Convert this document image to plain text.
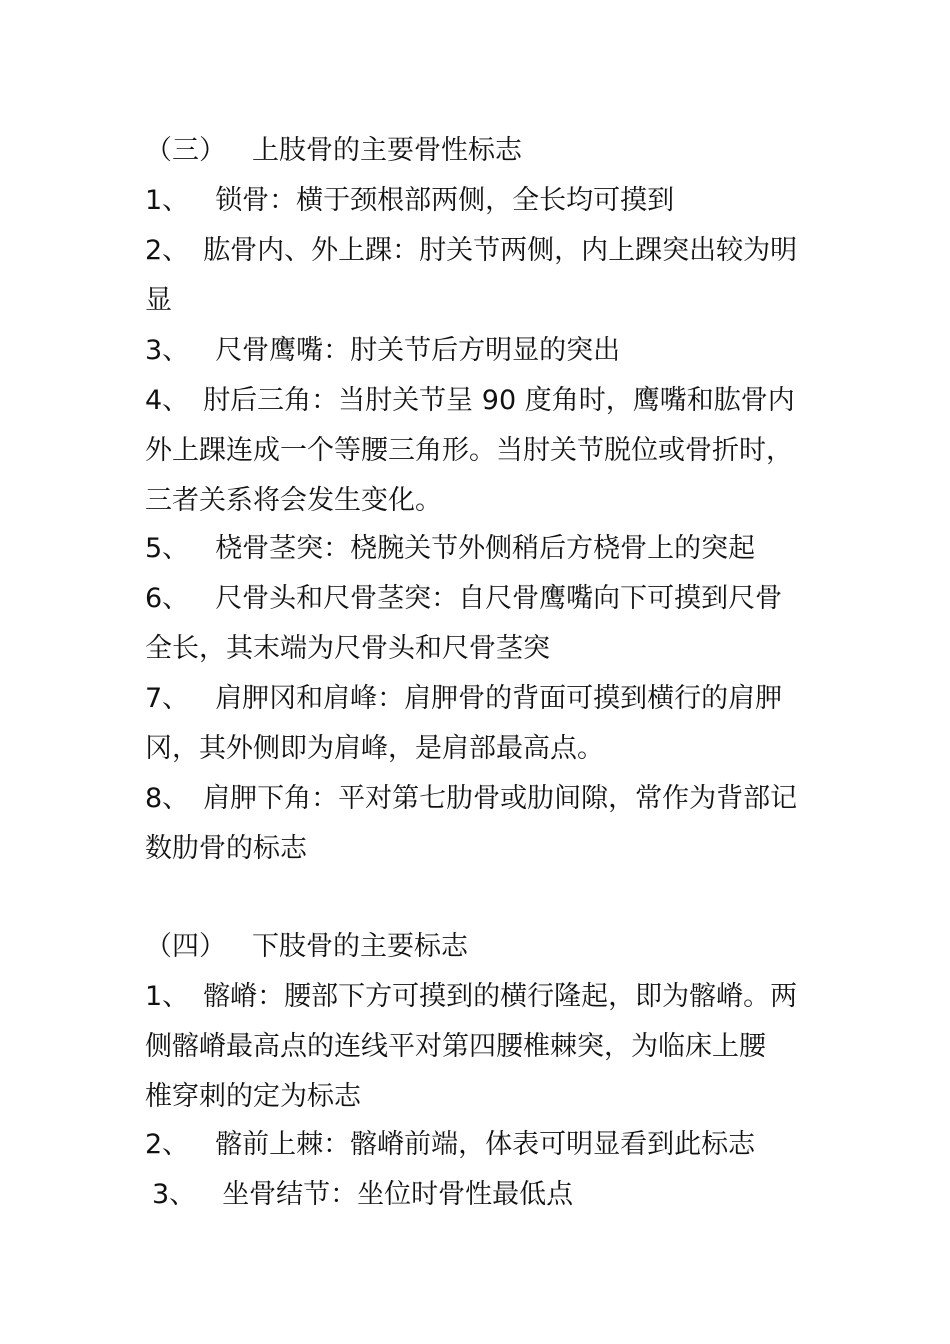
（三） 上肢骨的主要骨性标志
1、 锁骨：横于颈根部两侧，全长均可摸到
2、 肱骨内、外上踝：肘关节两侧，内上踝突出较为明
显
3、 尺骨鹰嘴：肘关节后方明显的突出
4、 肘后三角：当肘关节呈 90 度角时，鹰嘴和肱骨内
外上踝连成一个等腰三角形。当肘关节脱位或骨折时，
三者关系将会发生变化。
5、 桡骨茎突：桡腕关节外侧稍后方桡骨上的突起
6、 尺骨头和尺骨茎突：自尺骨鹰嘴向下可摸到尺骨
全长，其末端为尺骨头和尺骨茎突
7、 肩胛冈和肩峰：肩胛骨的背面可摸到横行的肩胛
冈，其外侧即为肩峰，是肩部最高点。
8、 肩胛下角：平对第七肋骨或肋间隙，常作为背部记
数肋骨的标志
（四） 下肢骨的主要标志
1、 髂嵴：腰部下方可摸到的横行隆起，即为髂嵴。两
侧髂嵴最高点的连线平对第四腰椎棘突，为临床上腰
椎穿刺的定为标志
2、 髂前上棘：髂嵴前端，体表可明显看到此标志
3、 坐骨结节：坐位时骨性最低点
